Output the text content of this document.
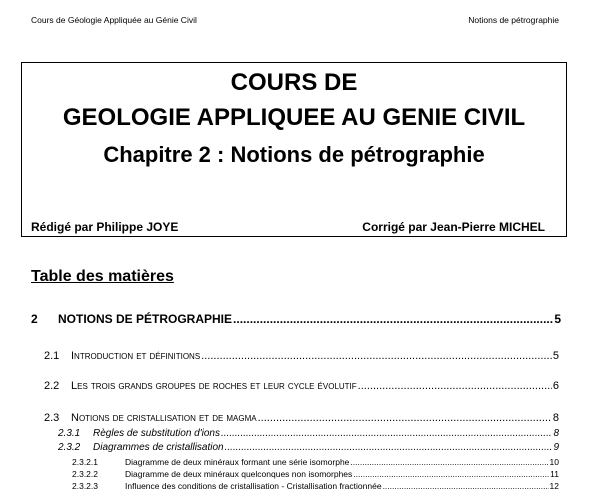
Cours de Géologie Appliquée au Génie Civil	Notions de pétrographie
COURS DE
GEOLOGIE APPLIQUEE AU GENIE CIVIL
Chapitre 2 : Notions de pétrographie
Rédigé par Philippe JOYE	Corrigé par Jean-Pierre MICHEL
Table des matières
2	NOTIONS DE PÉTROGRAPHIE .....	5
2.1	Introduction et définitions .....	5
2.2	Les trois grands groupes de roches et leur cycle évolutif .....	6
2.3	Notions de cristallisation et de magma .....	8
2.3.1	Règles de substitution d'ions .....	8
2.3.2	Diagrammes de cristallisation .....	9
2.3.2.1	Diagramme de deux minéraux formant une série isomorphe .....	10
2.3.2.2	Diagramme de deux minéraux quelconques non isomorphes .....	11
2.3.2.3	Influence des conditions de cristallisation - Cristallisation fractionnée .....	12
